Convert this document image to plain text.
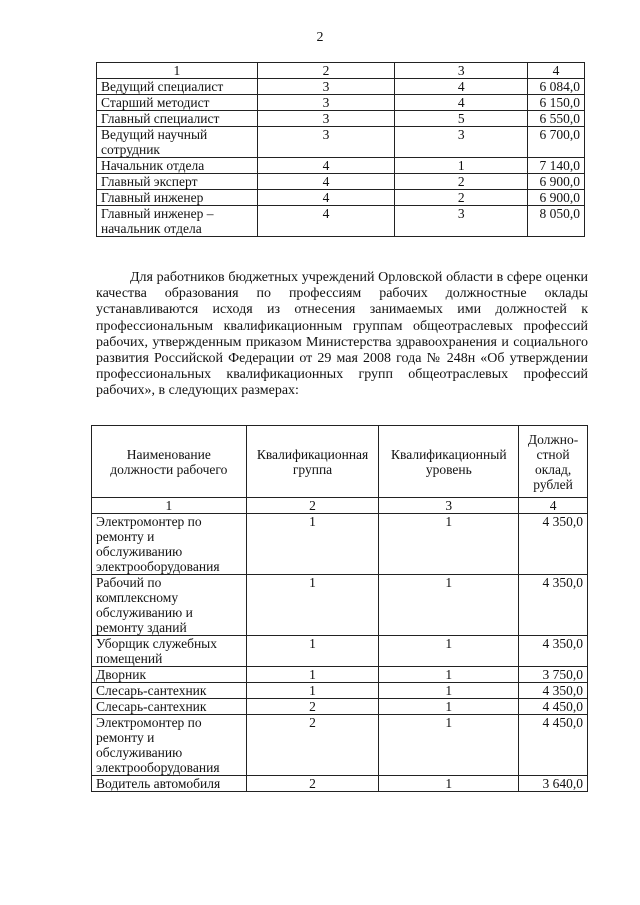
2
1	2	3	4
Ведущий специалист	3	4	6 084,0
Старший методист	3	4	6 150,0
Главный специалист	3	5	6 550,0
Ведущий научный сотрудник	3	3	6 700,0
Начальник отдела	4	1	7 140,0
Главный эксперт	4	2	6 900,0
Главный инженер	4	2	6 900,0
Главный инженер – начальник отдела	4	3	8 050,0

Для работников бюджетных учреждений Орловской области в сфере оценки качества образования по профессиям рабочих должностные оклады устанавливаются исходя из отнесения занимаемых ими должностей к профессиональным квалификационным группам общеотраслевых профессий рабочих, утвержденным приказом Министерства здравоохранения и социального развития Российской Федерации от 29 мая 2008 года № 248н «Об утверждении профессиональных квалификационных групп общеотраслевых профессий рабочих», в следующих размерах:

Наименование должности рабочего	Квалификационная группа	Квалификационный уровень	Должно-стной оклад, рублей
1	2	3	4
Электромонтер по ремонту и обслуживанию электрооборудования	1	1	4 350,0
Рабочий по комплексному обслуживанию и ремонту зданий	1	1	4 350,0
Уборщик служебных помещений	1	1	4 350,0
Дворник	1	1	3 750,0
Слесарь-сантехник	1	1	4 350,0
Слесарь-сантехник	2	1	4 450,0
Электромонтер по ремонту и обслуживанию электрооборудования	2	1	4 450,0
Водитель автомобиля	2	1	3 640,0
